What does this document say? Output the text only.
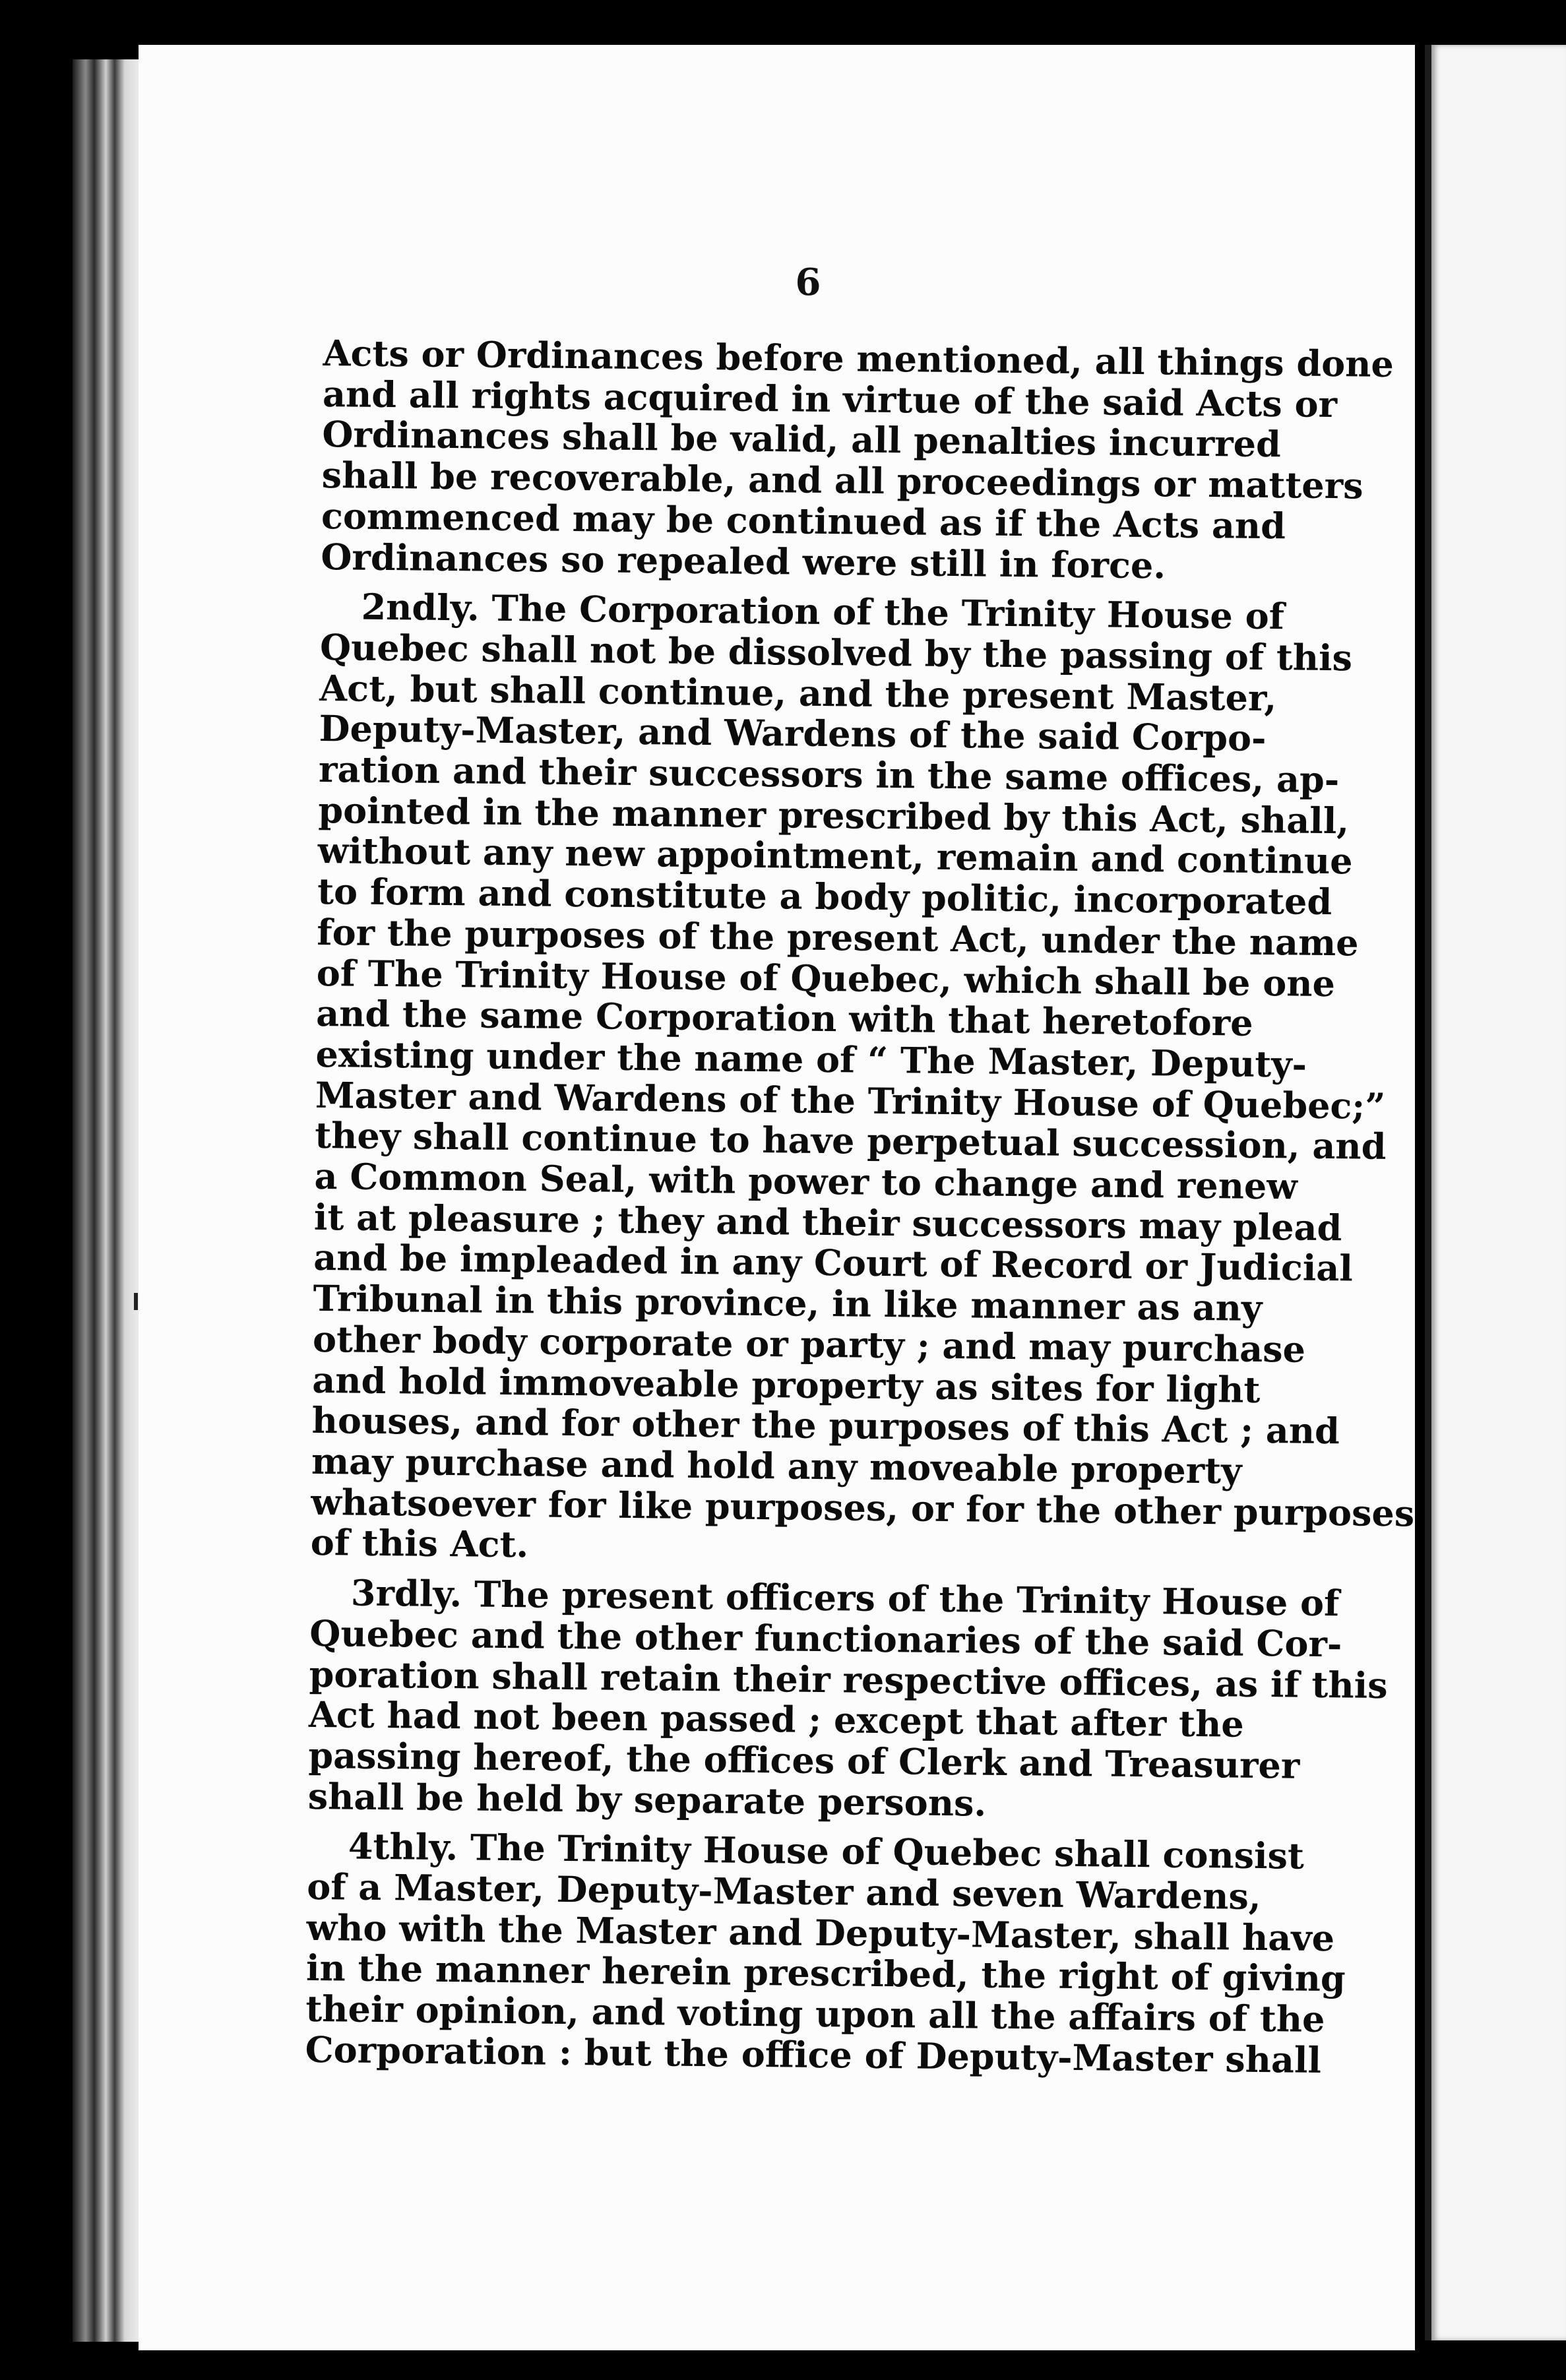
6
Acts or Ordinances before mentioned, all things done
and all rights acquired in virtue of the said Acts or
Ordinances shall be valid, all penalties incurred
shall be recoverable, and all proceedings or matters
commenced may be continued as if the Acts and
Ordinances so repealed were still in force.
2ndly. The Corporation of the Trinity House of
Quebec shall not be dissolved by the passing of this
Act, but shall continue, and the present Master,
Deputy-Master, and Wardens of the said Corpo-
ration and their successors in the same offices, ap-
pointed in the manner prescribed by this Act, shall,
without any new appointment, remain and continue
to form and constitute a body politic, incorporated
for the purposes of the present Act, under the name
of The Trinity House of Quebec, which shall be one
and the same Corporation with that heretofore
existing under the name of “ The Master, Deputy-
Master and Wardens of the Trinity House of Quebec;”
they shall continue to have perpetual succession, and
a Common Seal, with power to change and renew
it at pleasure ; they and their successors may plead
and be impleaded in any Court of Record or Judicial
Tribunal in this province, in like manner as any
other body corporate or party ; and may purchase
and hold immoveable property as sites for light
houses, and for other the purposes of this Act ; and
may purchase and hold any moveable property
whatsoever for like purposes, or for the other purposes
of this Act.
3rdly. The present officers of the Trinity House of
Quebec and the other functionaries of the said Cor-
poration shall retain their respective offices, as if this
Act had not been passed ; except that after the
passing hereof, the offices of Clerk and Treasurer
shall be held by separate persons.
4thly. The Trinity House of Quebec shall consist
of a Master, Deputy-Master and seven Wardens,
who with the Master and Deputy-Master, shall have
in the manner herein prescribed, the right of giving
their opinion, and voting upon all the affairs of the
Corporation : but the office of Deputy-Master shall
